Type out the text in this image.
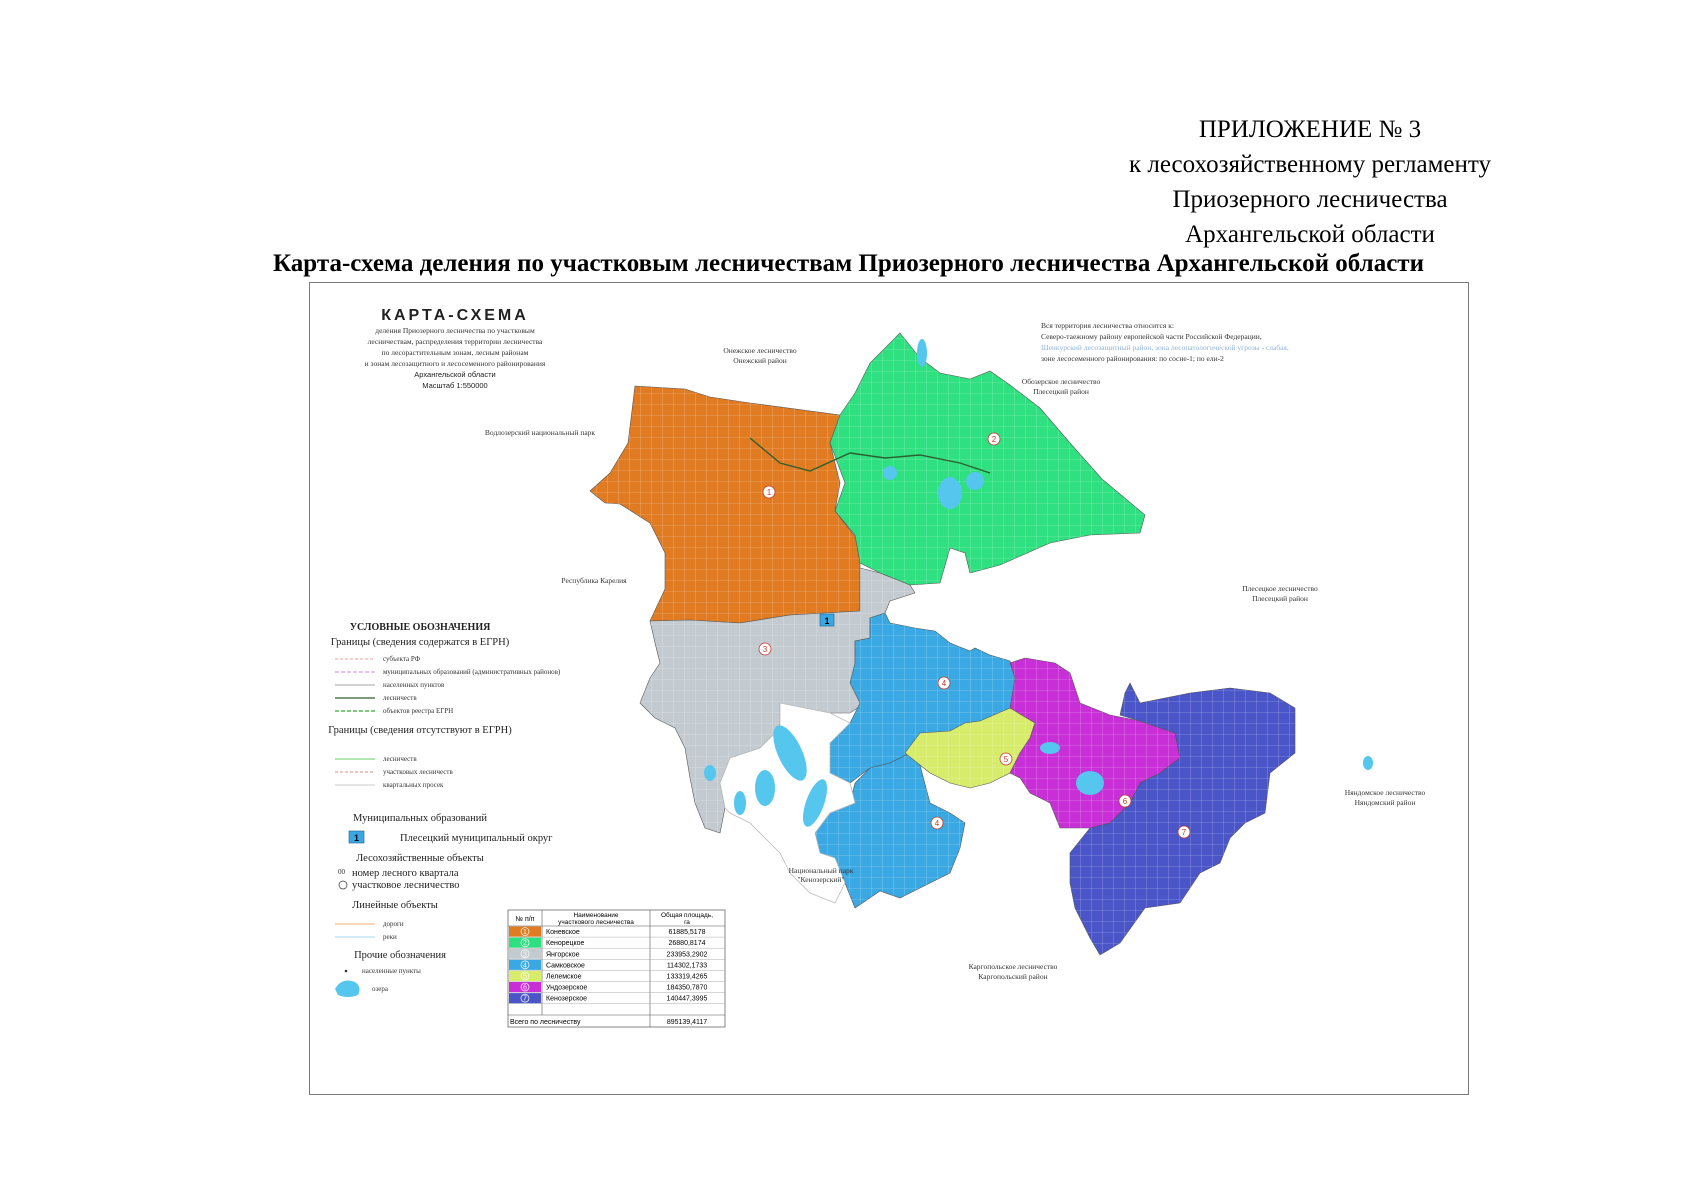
ПРИЛОЖЕНИЕ № 3
к лесохозяйственному регламенту
Приозерного лесничества
Архангельской области
Карта-схема деления по участковым лесничествам Приозерного лесничества Архангельской области
1
2
3
4
4
5
6
7
1
КАРТА-СХЕМА
деления Приозерного лесничества по участковым
лесничествам, распределения территории лесничества
по лесорастительным зонам, лесным районам
и зонам лесозащитного и лесосеменного районирования
Архангельской области
Масштаб 1:550000
Вся территория лесничества относится к:
Северо-таежному району европейской части Российской Федерации,
Шенкурский лесозащитный район, зона лесопатологической угрозы - слабая,
зоне лесосеменного районирования: по сосне-1; по ели-2
Онежское лесничество
Онежский район
Обозерское лесничество
Плесецкий район
Водлозерский национальный парк
Республика Карелия
Плесецкое лесничество
Плесецкий район
Няндомское лесничество
Няндомский район
Каргопольское лесничество
Каргопольский район
Национальный парк
"Кенозерский"
УСЛОВНЫЕ ОБОЗНАЧЕНИЯ
Границы (сведения содержатся в ЕГРН)
субъекта РФ
муниципальных образований (административных районов)
населенных пунктов
лесничеств
объектов реестра ЕГРН
Границы (сведения отсутствуют в ЕГРН)
лесничеств
участковых лесничеств
квартальных просек
Муниципальных образований
1	Плесецкий муниципальный округ
Лесохозяйственные объекты
00 номер лесного квартала
участковое лесничество
Линейные объекты
дороги
реки
Прочие обозначения
населенные пункты
озера
№ п/п
Наименование
участкового лесничества
Общая площадь,
га
1	Коневское	61885,5178
2	Кенорецкое	26880,8174
3	Янгорское	233953,2902
4	Самковское	114302,1733
5	Лелемское	133319,4265
6	Ундозерское	184350,7870
7	Кенозерское	140447,3995
Всего по лесничеству	895139,4117
